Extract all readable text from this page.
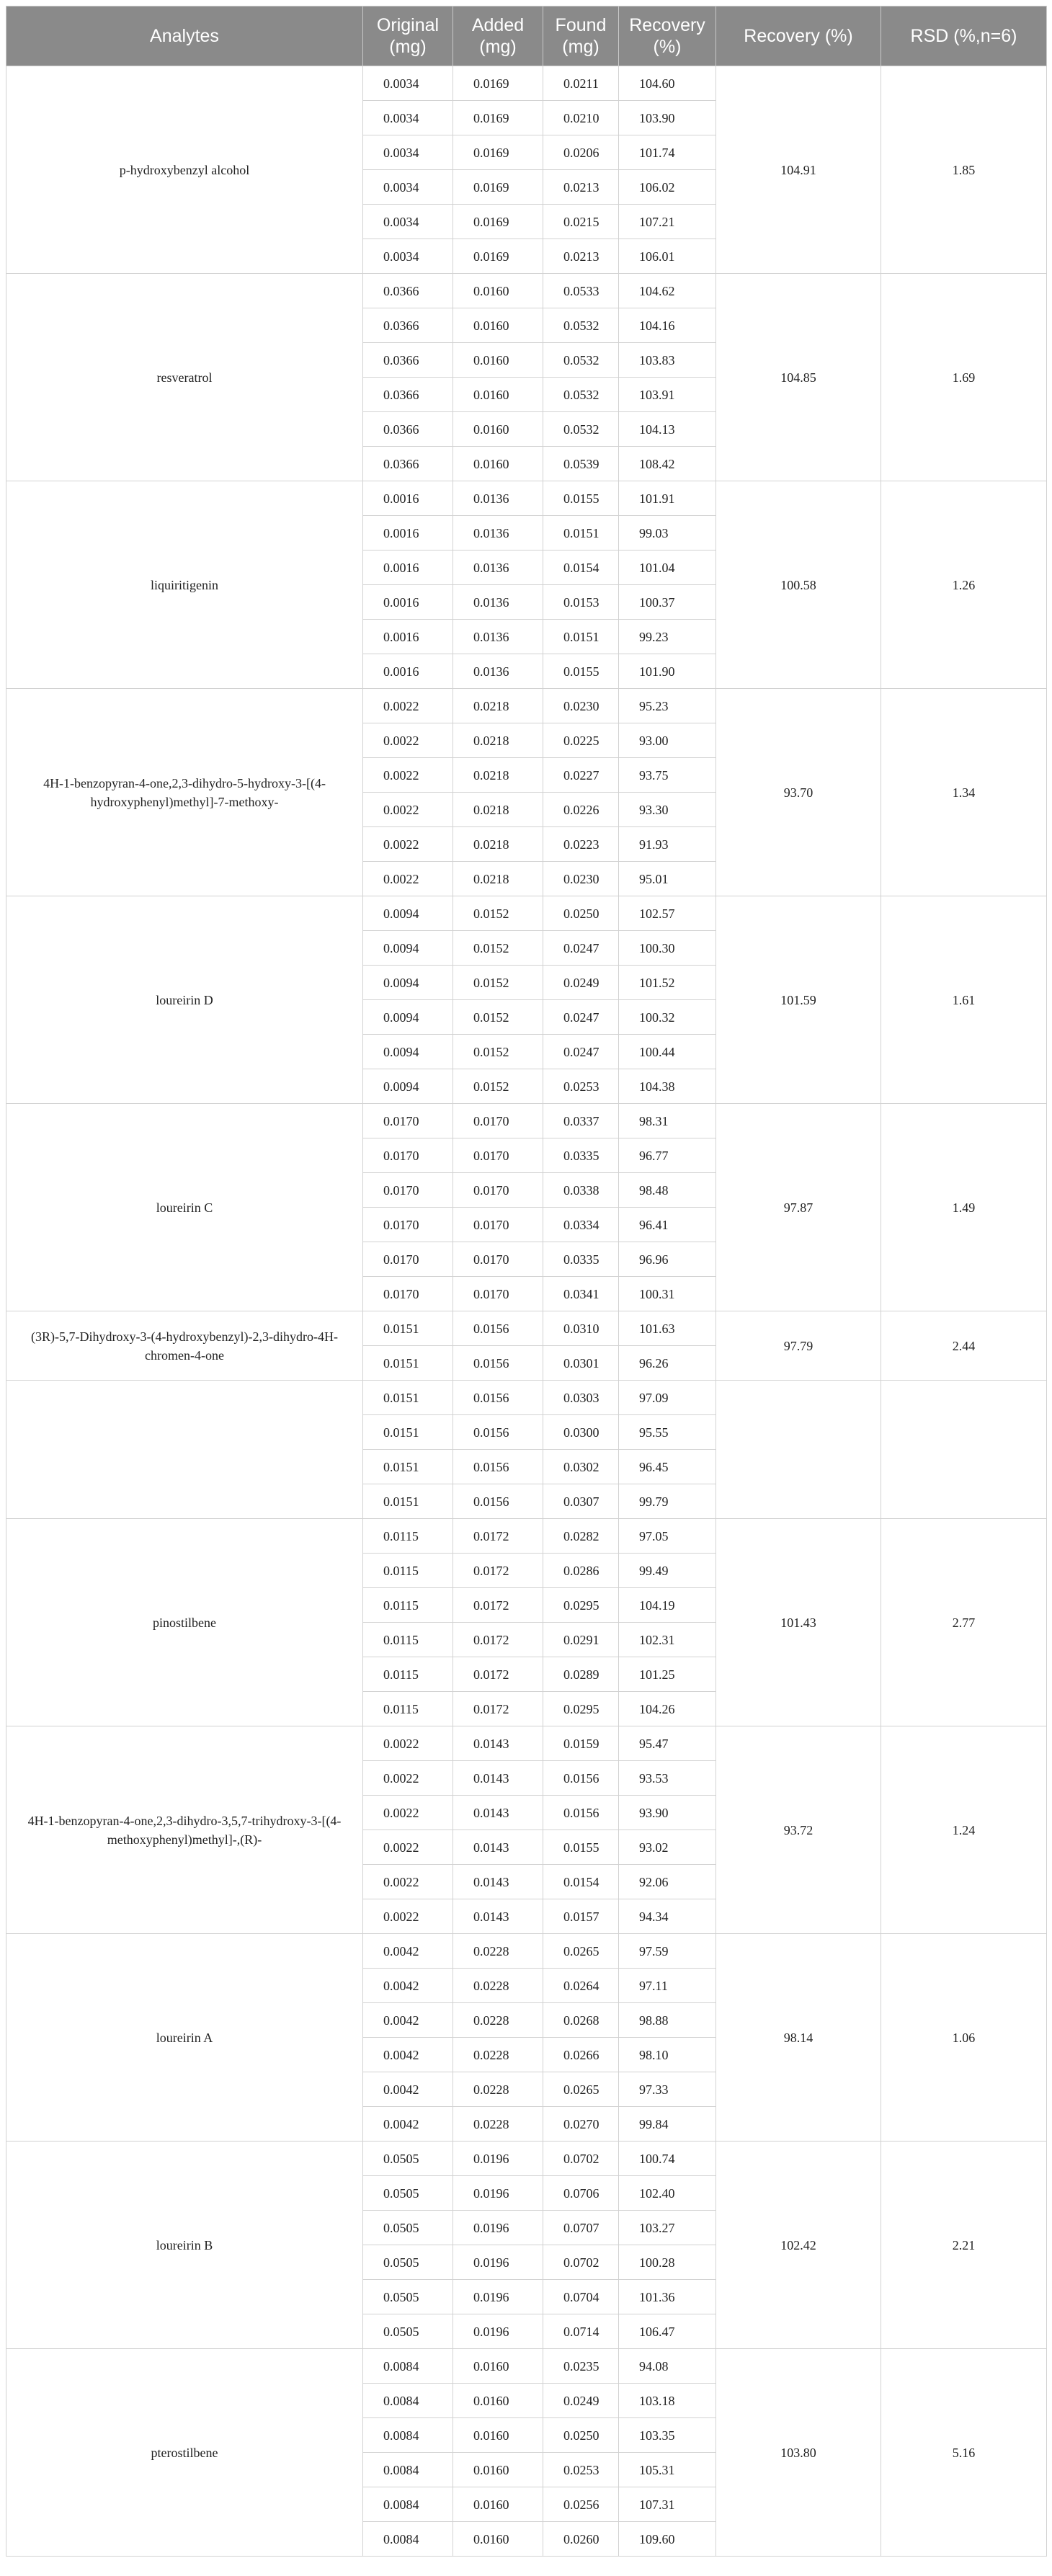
Analytes	Original (mg)	Added (mg)	Found (mg)	Recovery (%)	Recovery (%)	RSD (%,n=6)
p-hydroxybenzyl alcohol	0.0034	0.0169	0.0211	104.60	104.91	1.85
	0.0034	0.0169	0.0210	103.90		
	0.0034	0.0169	0.0206	101.74		
	0.0034	0.0169	0.0213	106.02		
	0.0034	0.0169	0.0215	107.21		
	0.0034	0.0169	0.0213	106.01		
resveratrol	0.0366	0.0160	0.0533	104.62	104.85	1.69
	0.0366	0.0160	0.0532	104.16		
	0.0366	0.0160	0.0532	103.83		
	0.0366	0.0160	0.0532	103.91		
	0.0366	0.0160	0.0532	104.13		
	0.0366	0.0160	0.0539	108.42		
liquiritigenin	0.0016	0.0136	0.0155	101.91	100.58	1.26
	0.0016	0.0136	0.0151	99.03		
	0.0016	0.0136	0.0154	101.04		
	0.0016	0.0136	0.0153	100.37		
	0.0016	0.0136	0.0151	99.23		
	0.0016	0.0136	0.0155	101.90		
4H-1-benzopyran-4-one,2,3-dihydro-5-hydroxy-3-[(4-hydroxyphenyl)methyl]-7-methoxy-	0.0022	0.0218	0.0230	95.23	93.70	1.34
	0.0022	0.0218	0.0225	93.00		
	0.0022	0.0218	0.0227	93.75		
	0.0022	0.0218	0.0226	93.30		
	0.0022	0.0218	0.0223	91.93		
	0.0022	0.0218	0.0230	95.01		
loureirin D	0.0094	0.0152	0.0250	102.57	101.59	1.61
	0.0094	0.0152	0.0247	100.30		
	0.0094	0.0152	0.0249	101.52		
	0.0094	0.0152	0.0247	100.32		
	0.0094	0.0152	0.0247	100.44		
	0.0094	0.0152	0.0253	104.38		
loureirin C	0.0170	0.0170	0.0337	98.31	97.87	1.49
	0.0170	0.0170	0.0335	96.77		
	0.0170	0.0170	0.0338	98.48		
	0.0170	0.0170	0.0334	96.41		
	0.0170	0.0170	0.0335	96.96		
	0.0170	0.0170	0.0341	100.31		
(3R)-5,7-Dihydroxy-3-(4-hydroxybenzyl)-2,3-dihydro-4H-chromen-4-one	0.0151	0.0156	0.0310	101.63	97.79	2.44
	0.0151	0.0156	0.0301	96.26		
	0.0151	0.0156	0.0303	97.09		
	0.0151	0.0156	0.0300	95.55		
	0.0151	0.0156	0.0302	96.45		
	0.0151	0.0156	0.0307	99.79		
pinostilbene	0.0115	0.0172	0.0282	97.05	101.43	2.77
	0.0115	0.0172	0.0286	99.49		
	0.0115	0.0172	0.0295	104.19		
	0.0115	0.0172	0.0291	102.31		
	0.0115	0.0172	0.0289	101.25		
	0.0115	0.0172	0.0295	104.26		
4H-1-benzopyran-4-one,2,3-dihydro-3,5,7-trihydroxy-3-[(4-methoxyphenyl)methyl]-,(R)-	0.0022	0.0143	0.0159	95.47	93.72	1.24
	0.0022	0.0143	0.0156	93.53		
	0.0022	0.0143	0.0156	93.90		
	0.0022	0.0143	0.0155	93.02		
	0.0022	0.0143	0.0154	92.06		
	0.0022	0.0143	0.0157	94.34		
loureirin A	0.0042	0.0228	0.0265	97.59	98.14	1.06
	0.0042	0.0228	0.0264	97.11		
	0.0042	0.0228	0.0268	98.88		
	0.0042	0.0228	0.0266	98.10		
	0.0042	0.0228	0.0265	97.33		
	0.0042	0.0228	0.0270	99.84		
loureirin B	0.0505	0.0196	0.0702	100.74	102.42	2.21
	0.0505	0.0196	0.0706	102.40		
	0.0505	0.0196	0.0707	103.27		
	0.0505	0.0196	0.0702	100.28		
	0.0505	0.0196	0.0704	101.36		
	0.0505	0.0196	0.0714	106.47		
pterostilbene	0.0084	0.0160	0.0235	94.08	103.80	5.16
	0.0084	0.0160	0.0249	103.18		
	0.0084	0.0160	0.0250	103.35		
	0.0084	0.0160	0.0253	105.31		
	0.0084	0.0160	0.0256	107.31		
	0.0084	0.0160	0.0260	109.60		
